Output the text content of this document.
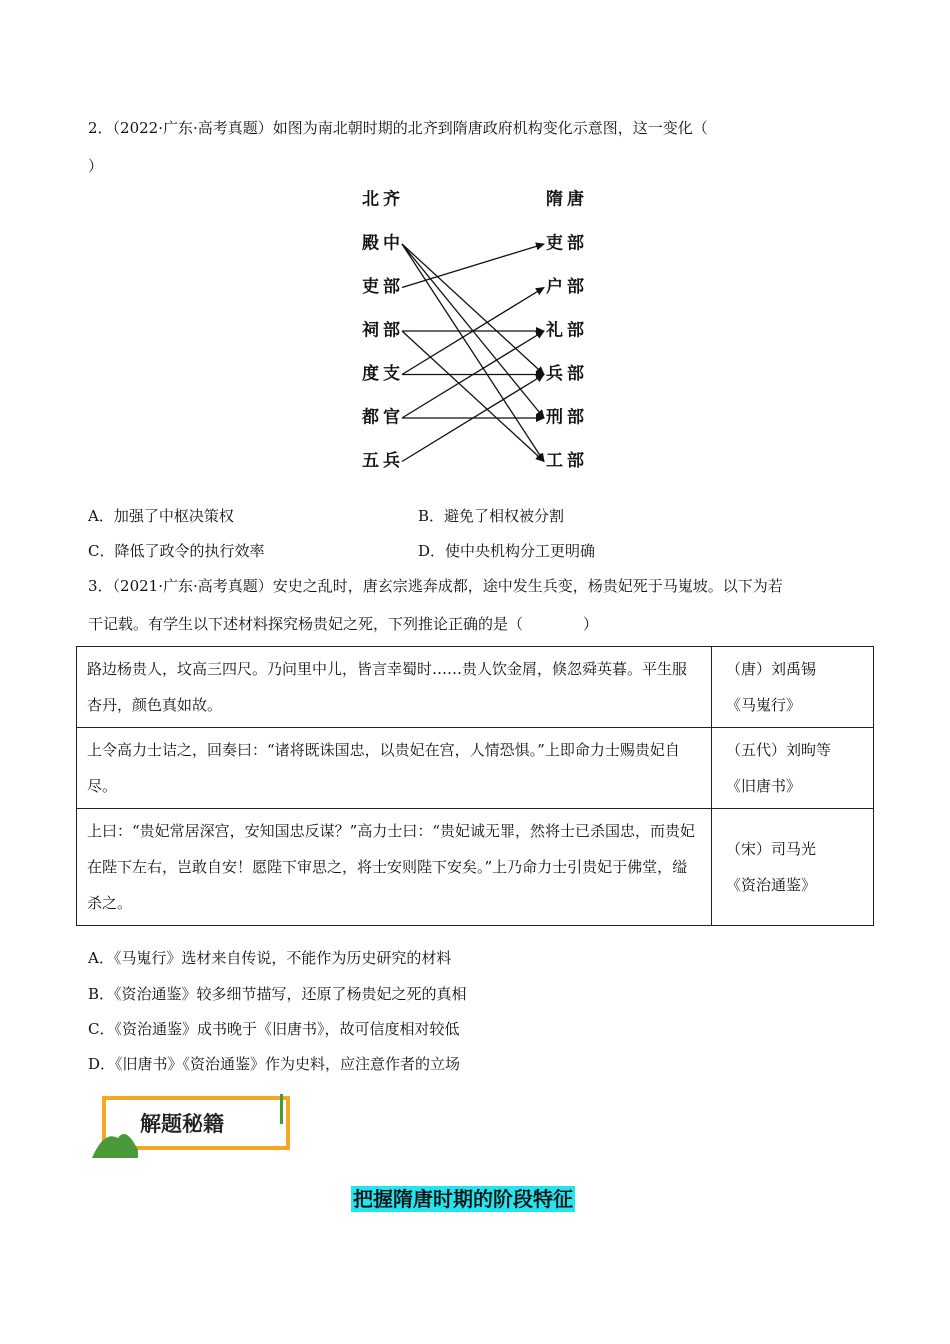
2．（2022·广东·高考真题）如图为南北朝时期的北齐到隋唐政府机构变化示意图，这一变化（
）
北齐	隋唐
殿中
吏部
祠部
度支
都官
五兵
吏部
户部
礼部
兵部
刑部
工部
A．加强了中枢决策权	B．避免了相权被分割
C．降低了政令的执行效率	D．使中央机构分工更明确
3．（2021·广东·高考真题）安史之乱时，唐玄宗逃奔成都，途中发生兵变，杨贵妃死于马嵬坡。以下为若
干记载。有学生以下述材料探究杨贵妃之死，下列推论正确的是（　　　　）
路边杨贵人，坟高三四尺。乃问里中儿，皆言幸蜀时……贵人饮金屑，倏忽舜英暮。平生服杏丹，颜色真如故。	（唐）刘禹锡
《马嵬行》

上令高力士诘之，回奏曰：“诸将既诛国忠，以贵妃在宫，人情恐惧。”上即命力士赐贵妃自尽。	（五代）刘昫等
《旧唐书》

上曰：“贵妃常居深宫，安知国忠反谋？”高力士曰：“贵妃诚无罪，然将士已杀国忠，而贵妃在陛下左右，岂敢自安！愿陛下审思之，将士安则陛下安矣。”上乃命力士引贵妃于佛堂，缢杀之。	（宋）司马光
《资治通鉴》
A．《马嵬行》选材来自传说，不能作为历史研究的材料
B．《资治通鉴》较多细节描写，还原了杨贵妃之死的真相
C．《资治通鉴》成书晚于《旧唐书》，故可信度相对较低
D．《旧唐书》《资治通鉴》作为史料，应注意作者的立场
解题秘籍
把握隋唐时期的阶段特征
